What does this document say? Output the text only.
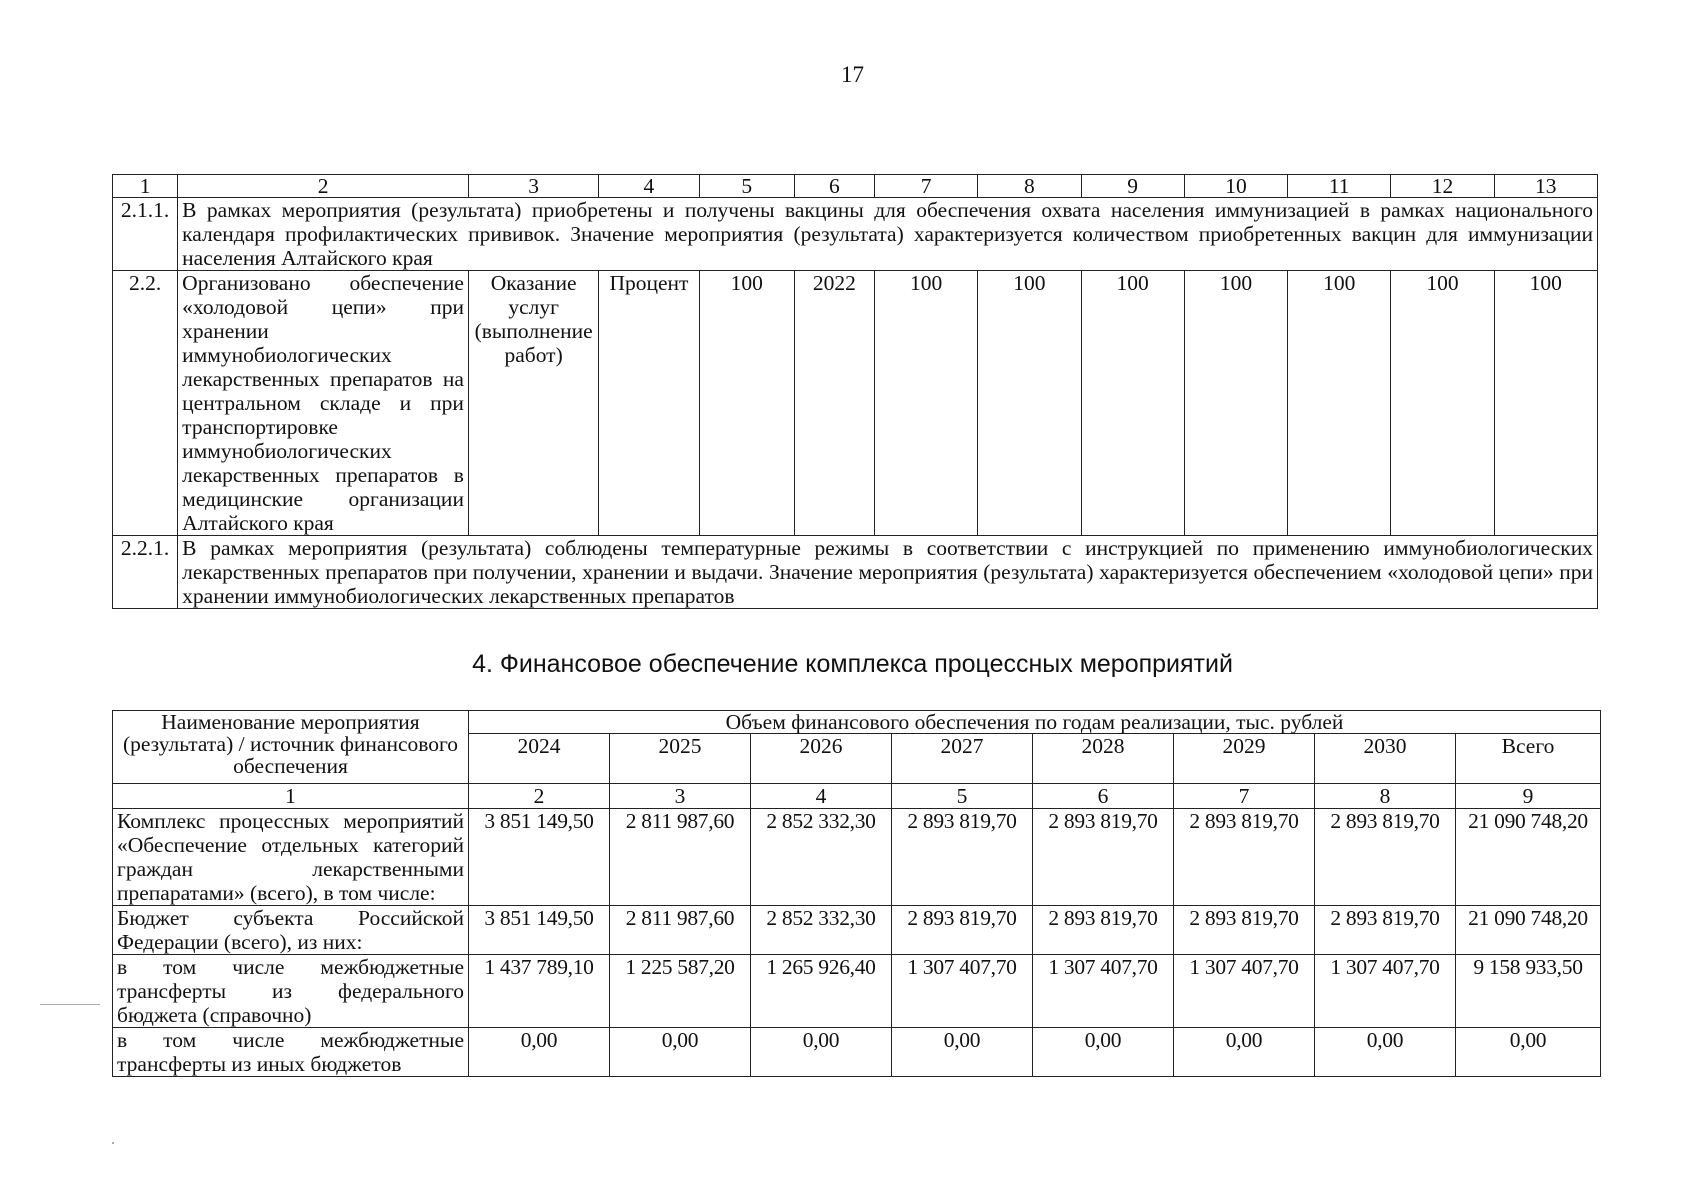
17
1	2	3	4	5	6	7	8	9	10	11	12	13
2.1.1.	В рамках мероприятия (результата) приобретены и получены вакцины для обеспечения охвата населения иммунизацией в рамках национального календаря профилактических прививок. Значение мероприятия (результата) характеризуется количеством приобретенных вакцин для иммунизации населения Алтайского края											
2.2.	Организовано обеспечение «холодовой цепи» при хранении иммунобиологических лекарственных препаратов на центральном складе и при транспортировке иммунобиологических лекарственных препаратов в медицинские организации Алтайского края	Оказание услуг (выполнение работ)	Процент	100	2022	100	100	100	100	100	100	100
2.2.1.	В рамках мероприятия (результата) соблюдены температурные режимы в соответствии с инструкцией по применению иммунобиологических лекарственных препаратов при получении, хранении и выдачи. Значение мероприятия (результата) характеризуется обеспечением «холодовой цепи» при хранении иммунобиологических лекарственных препаратов											
4. Финансовое обеспечение комплекса процессных мероприятий
Наименование мероприятия (результата) / источник финансового обеспечения	Объем финансового обеспечения по годам реализации, тыс. рублей							
	2024	2025	2026	2027	2028	2029	2030	Всего
1	2	3	4	5	6	7	8	9
Комплекс процессных мероприятий «Обеспечение отдельных категорий граждан лекарственными препаратами» (всего), в том числе:	3 851 149,50	2 811 987,60	2 852 332,30	2 893 819,70	2 893 819,70	2 893 819,70	2 893 819,70	21 090 748,20
Бюджет субъекта Российской Федерации (всего), из них:	3 851 149,50	2 811 987,60	2 852 332,30	2 893 819,70	2 893 819,70	2 893 819,70	2 893 819,70	21 090 748,20
в том числе межбюджетные трансферты из федерального бюджета (справочно)	1 437 789,10	1 225 587,20	1 265 926,40	1 307 407,70	1 307 407,70	1 307 407,70	1 307 407,70	9 158 933,50
в том числе межбюджетные трансферты из иных бюджетов	0,00	0,00	0,00	0,00	0,00	0,00	0,00	0,00
